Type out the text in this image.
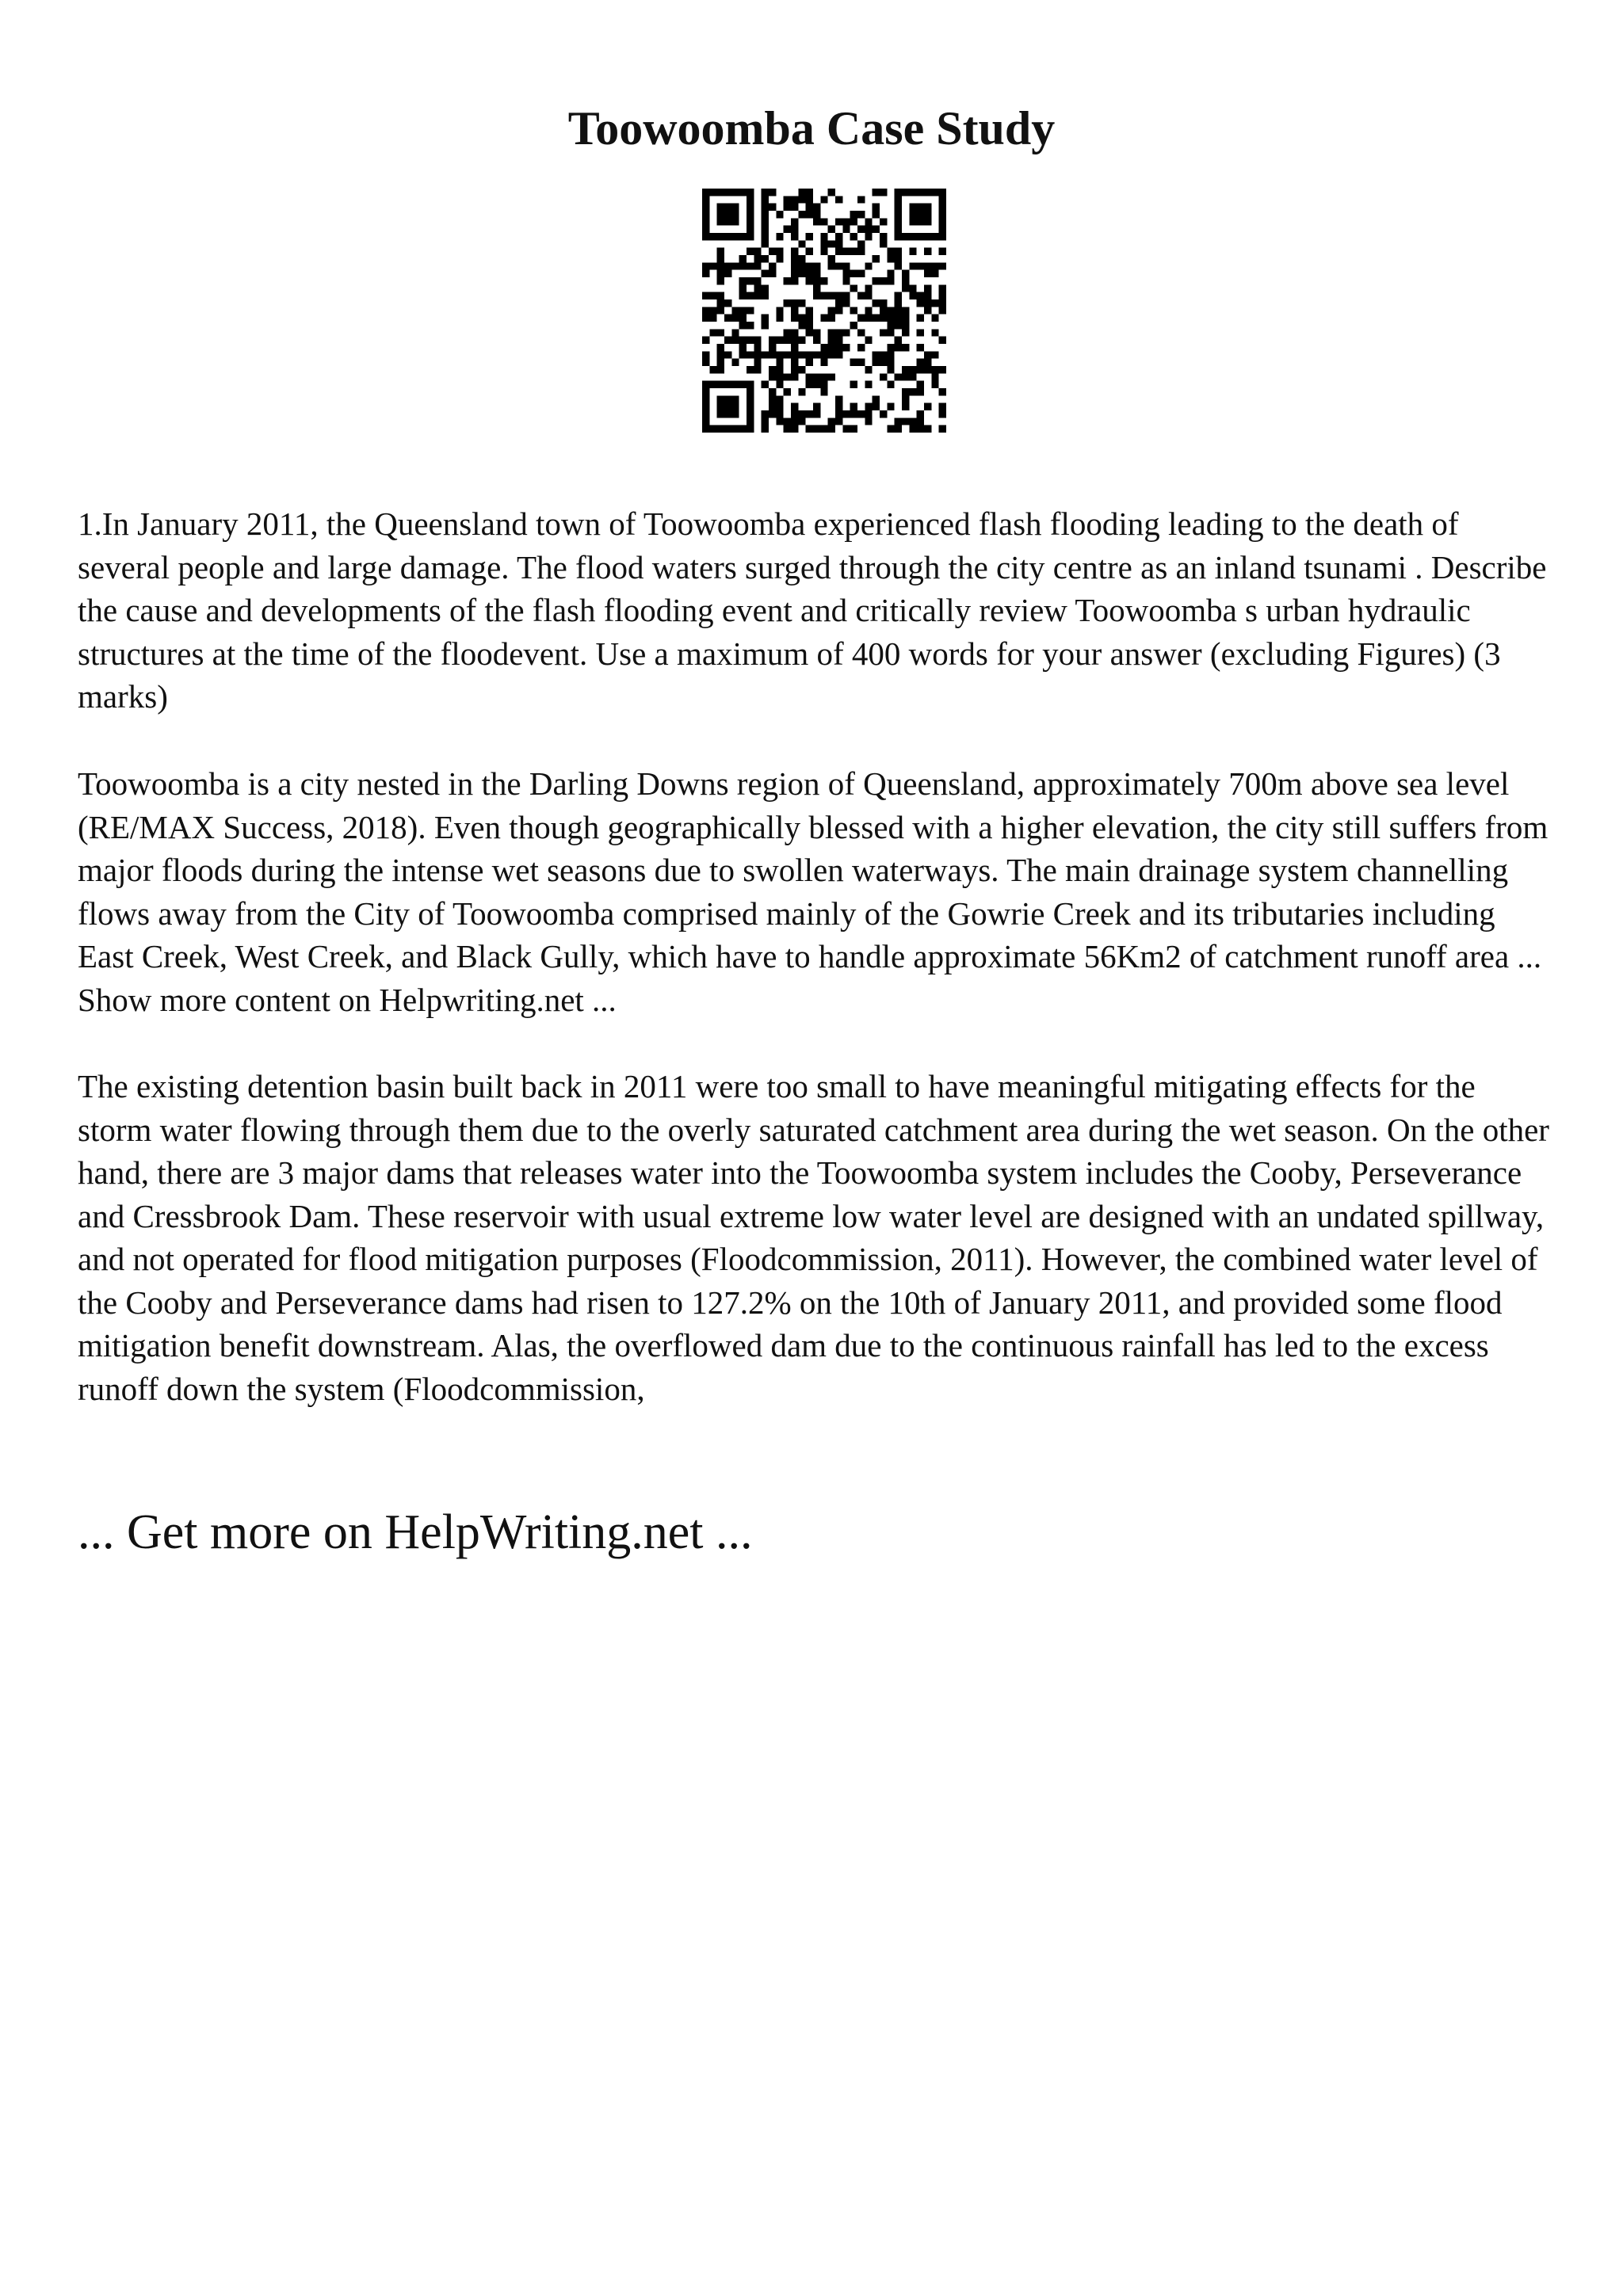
Toowoomba Case Study

1.In January 2011, the Queensland town of Toowoomba experienced flash flooding leading to the death of several people and large damage. The flood waters surged through the city centre as an inland tsunami . Describe the cause and developments of the flash flooding event and critically review Toowoomba s urban hydraulic structures at the time of the floodevent. Use a maximum of 400 words for your answer (excluding Figures) (3 marks)

Toowoomba is a city nested in the Darling Downs region of Queensland, approximately 700m above sea level (RE/MAX Success, 2018). Even though geographically blessed with a higher elevation, the city still suffers from major floods during the intense wet seasons due to swollen waterways. The main drainage system channelling flows away from the City of Toowoomba comprised mainly of the Gowrie Creek and its tributaries including East Creek, West Creek, and Black Gully, which have to handle approximate 56Km2 of catchment runoff area ... Show more content on Helpwriting.net ...

The existing detention basin built back in 2011 were too small to have meaningful mitigating effects for the storm water flowing through them due to the overly saturated catchment area during the wet season. On the other hand, there are 3 major dams that releases water into the Toowoomba system includes the Cooby, Perseverance and Cressbrook Dam. These reservoir with usual extreme low water level are designed with an undated spillway, and not operated for flood mitigation purposes (Floodcommission, 2011). However, the combined water level of the Cooby and Perseverance dams had risen to 127.2% on the 10th of January 2011, and provided some flood mitigation benefit downstream. Alas, the overflowed dam due to the continuous rainfall has led to the excess runoff down the system (Floodcommission,

... Get more on HelpWriting.net ...
